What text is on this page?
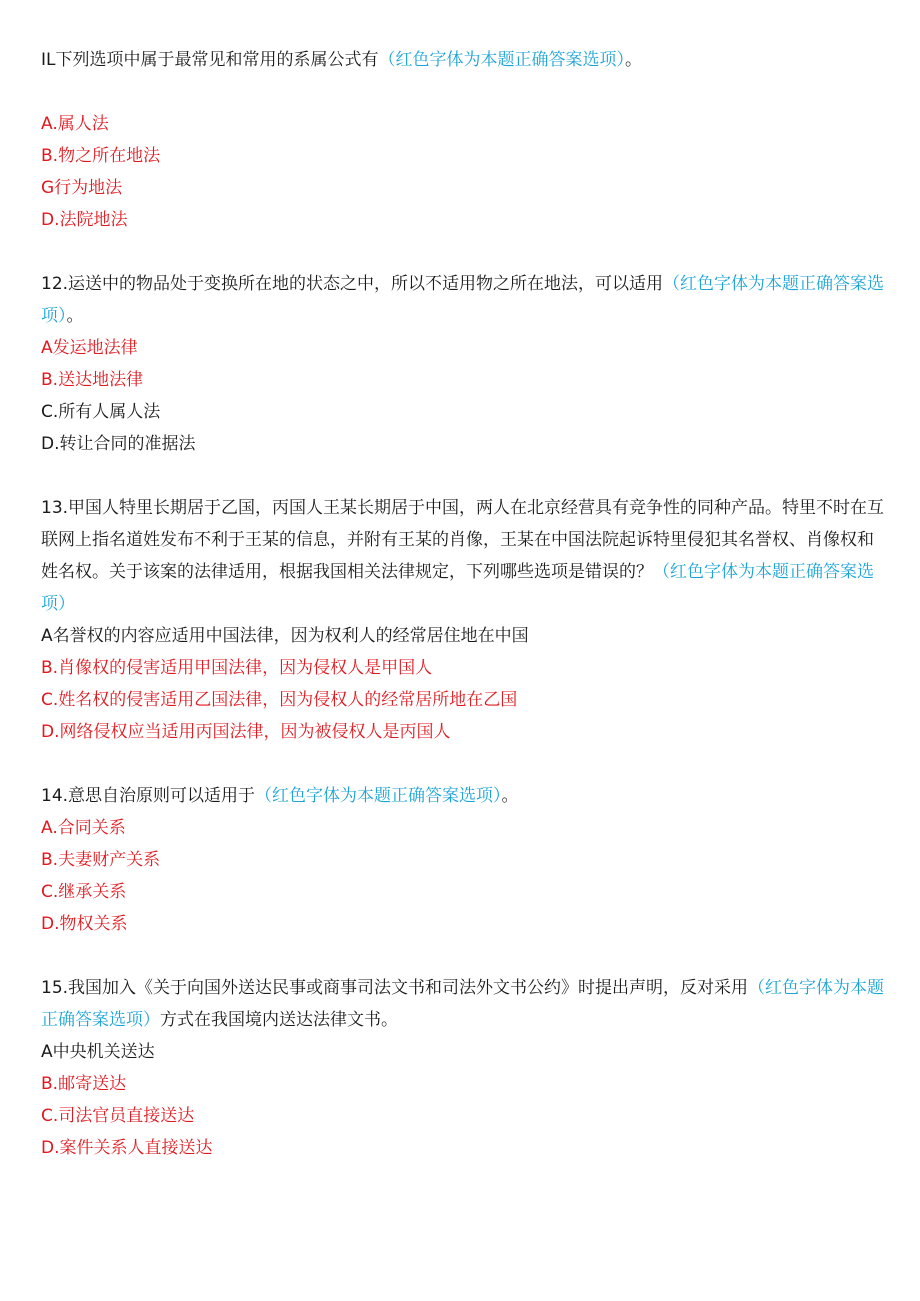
IL下列选项中属于最常见和常用的系属公式有（红色字体为本题正确答案选项）。

A.属人法

B.物之所在地法

G行为地法

D.法院地法

12.运送中的物品处于变换所在地的状态之中，所以不适用物之所在地法，可以适用（红色字体为本题正确答案选项）。

A发运地法律

B.送达地法律

C.所有人属人法

D.转让合同的准据法

13.甲国人特里长期居于乙国，丙国人王某长期居于中国，两人在北京经营具有竞争性的同种产品。特里不时在互联网上指名道姓发布不利于王某的信息，并附有王某的肖像，王某在中国法院起诉特里侵犯其名誉权、肖像权和姓名权。关于该案的法律适用，根据我国相关法律规定，下列哪些选项是错误的？（红色字体为本题正确答案选项）

A名誉权的内容应适用中国法律，因为权利人的经常居住地在中国

B.肖像权的侵害适用甲国法律，因为侵权人是甲国人

C.姓名权的侵害适用乙国法律，因为侵权人的经常居所地在乙国

D.网络侵权应当适用丙国法律，因为被侵权人是丙国人

14.意思自治原则可以适用于（红色字体为本题正确答案选项）。

A.合同关系

B.夫妻财产关系

C.继承关系

D.物权关系

15.我国加入《关于向国外送达民事或商事司法文书和司法外文书公约》时提出声明，反对采用（红色字体为本题正确答案选项）方式在我国境内送达法律文书。

A中央机关送达

B.邮寄送达

C.司法官员直接送达

D.案件关系人直接送达
